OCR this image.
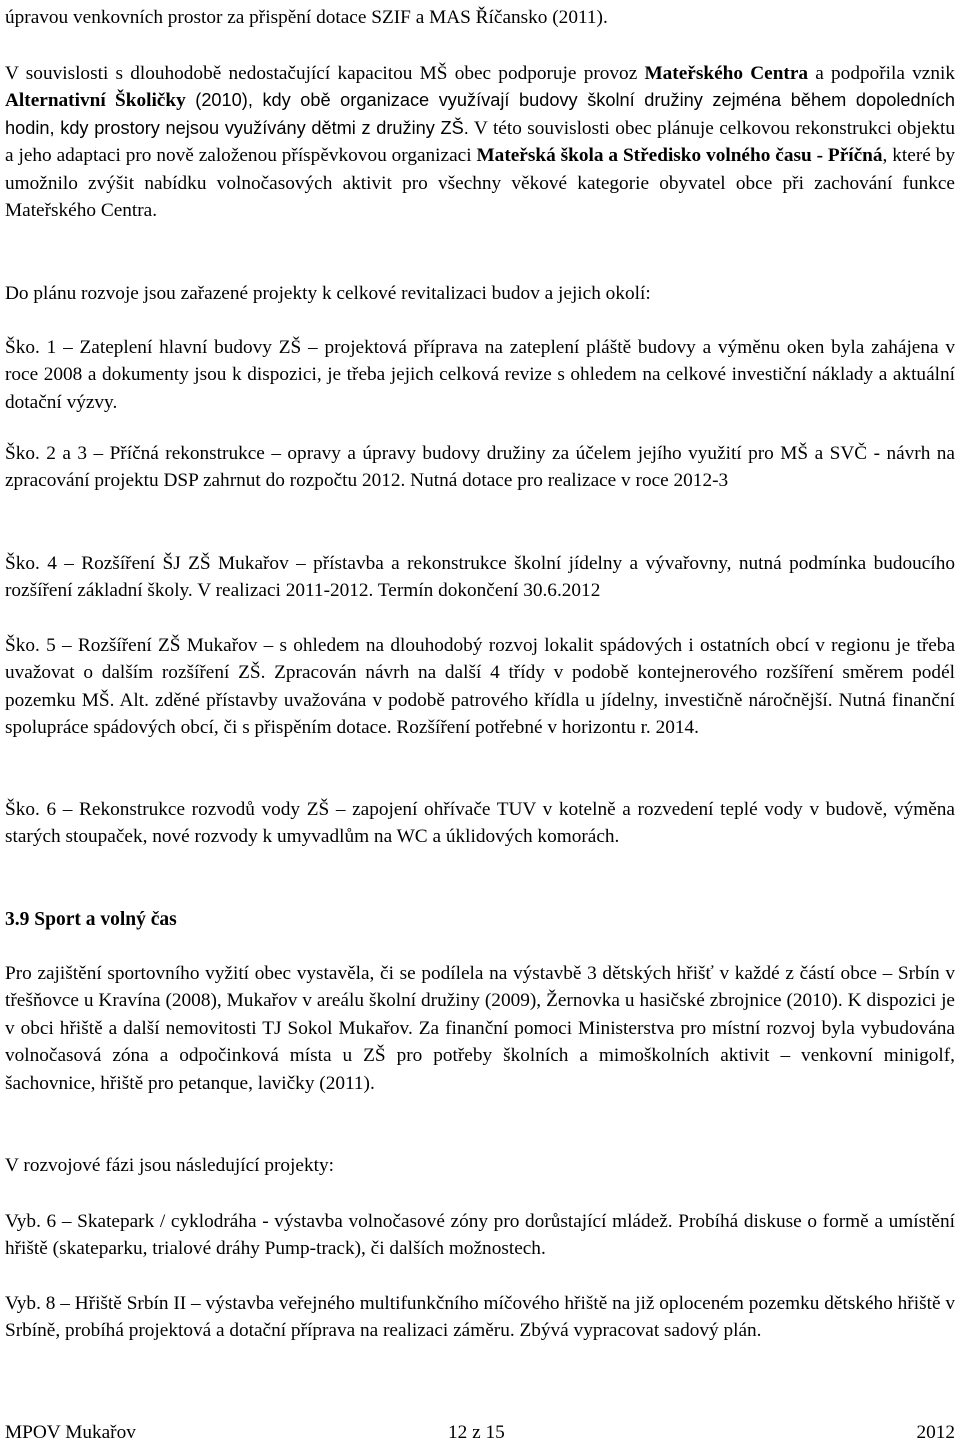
úpravou venkovních prostor za přispění dotace SZIF a MAS Říčansko (2011).

V souvislosti s dlouhodobě nedostačující kapacitou MŠ obec podporuje provoz Mateřského Centra a podpořila vznik Alternativní Školičky (2010), kdy obě organizace využívají budovy školní družiny zejména během dopoledních hodin, kdy prostory nejsou využívány dětmi z družiny ZŠ. V této souvislosti obec plánuje celkovou rekonstrukci objektu a jeho adaptaci pro nově založenou příspěvkovou organizaci Mateřská škola a Středisko volného času - Příčná, které by umožnilo zvýšit nabídku volnočasových aktivit pro všechny věkové kategorie obyvatel obce při zachování funkce Mateřského Centra.

Do plánu rozvoje jsou zařazené projekty k celkové revitalizaci budov a jejich okolí:

Ško. 1 – Zateplení hlavní budovy ZŠ – projektová příprava na zateplení pláště budovy a výměnu oken byla zahájena v roce 2008 a dokumenty jsou k dispozici, je třeba jejich celková revize s ohledem na celkové investiční náklady a aktuální dotační výzvy.

Ško. 2 a 3 – Příčná rekonstrukce – opravy a úpravy budovy družiny za účelem jejího využití pro MŠ a SVČ - návrh na zpracování projektu DSP zahrnut do rozpočtu 2012. Nutná dotace pro realizace v roce 2012-3

Ško. 4 – Rozšíření ŠJ ZŠ Mukařov – přístavba a rekonstrukce školní jídelny a vývařovny, nutná podmínka budoucího rozšíření základní školy. V realizaci 2011-2012. Termín dokončení 30.6.2012

Ško. 5 – Rozšíření ZŠ Mukařov – s ohledem na dlouhodobý rozvoj lokalit spádových i ostatních obcí v regionu je třeba uvažovat o dalším rozšíření ZŠ. Zpracován návrh na další 4 třídy v podobě kontejnerového rozšíření směrem podél pozemku MŠ. Alt. zděné přístavby uvažována v podobě patrového křídla u jídelny, investičně náročnější. Nutná finanční spolupráce spádových obcí, či s přispěním dotace. Rozšíření potřebné v horizontu r. 2014.

Ško. 6 – Rekonstrukce rozvodů vody ZŠ – zapojení ohřívače TUV v kotelně a rozvedení teplé vody v budově, výměna starých stoupaček, nové rozvody k umyvadlům na WC a úklidových komorách.

3.9 Sport a volný čas

Pro zajištění sportovního vyžití obec vystavěla, či se podílela na výstavbě 3 dětských hřišť v každé z částí obce – Srbín v třešňovce u Kravína (2008), Mukařov v areálu školní družiny (2009), Žernovka u hasičské zbrojnice (2010). K dispozici je v obci hřiště a další nemovitosti TJ Sokol Mukařov. Za finanční pomoci Ministerstva pro místní rozvoj byla vybudována volnočasová zóna a odpočinková místa u ZŠ pro potřeby školních a mimoškolních aktivit – venkovní minigolf, šachovnice, hřiště pro petanque, lavičky (2011).

V rozvojové fázi jsou následující projekty:

Vyb. 6 – Skatepark / cyklodráha - výstavba volnočasové zóny pro dorůstající mládež. Probíhá diskuse o formě a umístění hřiště (skateparku, trialové dráhy Pump-track), či dalších možnostech.

Vyb. 8 – Hřiště Srbín II – výstavba veřejného multifunkčního míčového hřiště na již oploceném pozemku dětského hřiště v Srbíně, probíhá projektová a dotační příprava na realizaci záměru. Zbývá vypracovat sadový plán.

MPOV Mukařov	12 z 15	2012
